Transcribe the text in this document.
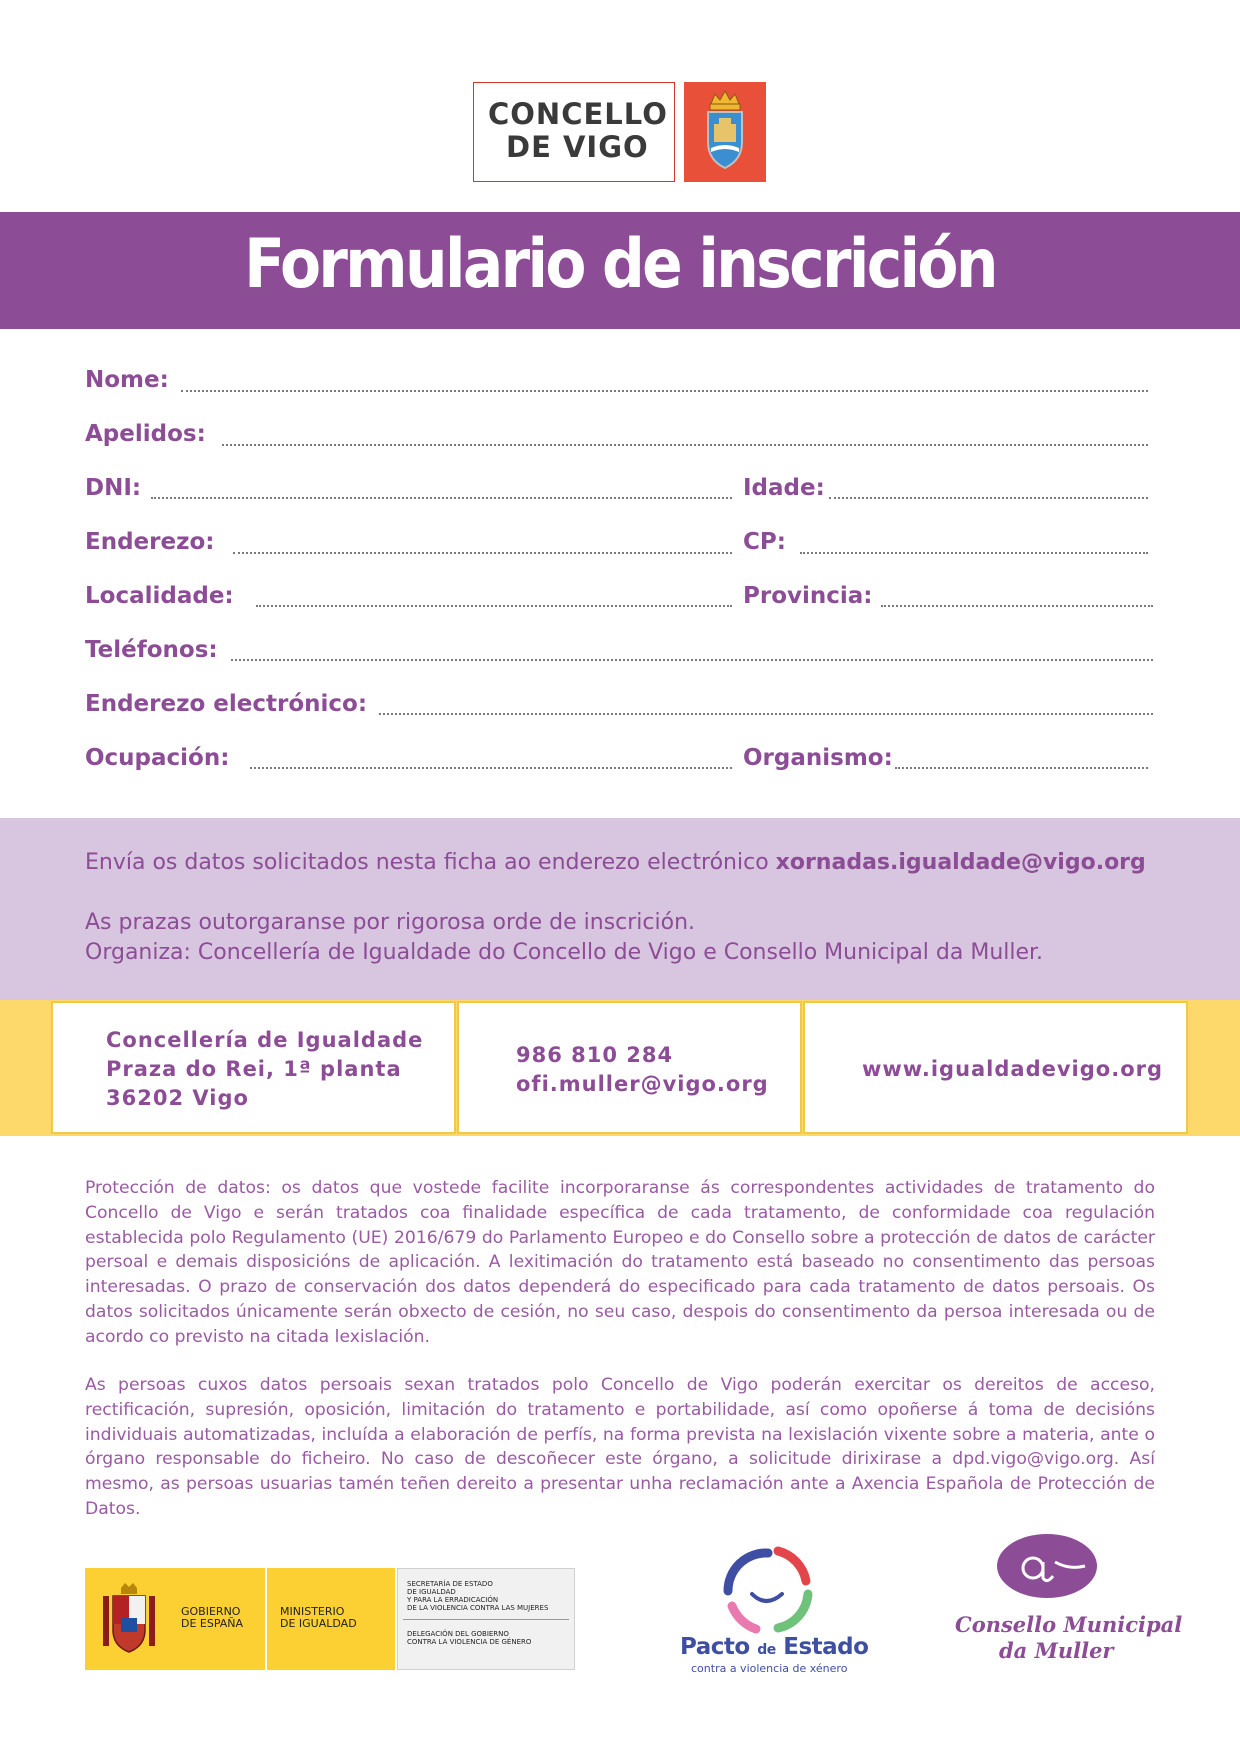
CONCELLO
DE VIGO
Formulario de inscrición
Nome:
Apelidos:
DNI:	Idade:
Enderezo:	CP:
Localidade:	Provincia:
Teléfonos:
Enderezo electrónico:
Ocupación:	Organismo:
Envía os datos solicitados nesta ficha ao enderezo electrónico xornadas.igualdade@vigo.org
As prazas outorgaranse por rigorosa orde de inscrición.
Organiza: Concellería de Igualdade do Concello de Vigo e Consello Municipal da Muller.
Concellería de Igualdade
Praza do Rei, 1ª planta
36202 Vigo
986 810 284
ofi.muller@vigo.org
www.igualdadevigo.org
Protección de datos: os datos que vostede facilite incorporaranse ás correspondentes actividades de tratamento do Concello de Vigo e serán tratados coa finalidade específica de cada tratamento, de conformidade coa regulación establecida polo Regulamento (UE) 2016/679 do Parlamento Europeo e do Consello sobre a protección de datos de carácter persoal e demais disposicións de aplicación. A lexitimación do tratamento está baseado no consentimento das persoas interesadas. O prazo de conservación dos datos dependerá do especificado para cada tratamento de datos persoais. Os datos solicitados únicamente serán obxecto de cesión, no seu caso, despois do consentimento da persoa interesada ou de acordo co previsto na citada lexislación.
As persoas cuxos datos persoais sexan tratados polo Concello de Vigo poderán exercitar os dereitos de acceso, rectificación, supresión, oposición, limitación do tratamento e portabilidade, así como opoñerse á toma de decisións individuais automatizadas, incluída a elaboración de perfís, na forma prevista na lexislación vixente sobre a materia, ante o órgano responsable do ficheiro. No caso de descoñecer este órgano, a solicitude dirixirase a dpd.vigo@vigo.org. Así mesmo, as persoas usuarias tamén teñen dereito a presentar unha reclamación ante a Axencia Española de Protección de Datos.
GOBIERNO
DE ESPAÑA
MINISTERIO
DE IGUALDAD
SECRETARÍA DE ESTADO
DE IGUALDAD
Y PARA LA ERRADICACIÓN
DE LA VIOLENCIA CONTRA LAS MUJERES
DELEGACIÓN DEL GOBIERNO
CONTRA LA VIOLENCIA DE GÉNERO	Pacto de Estado
contra a violencia de xénero
Consello Municipal
da Muller
